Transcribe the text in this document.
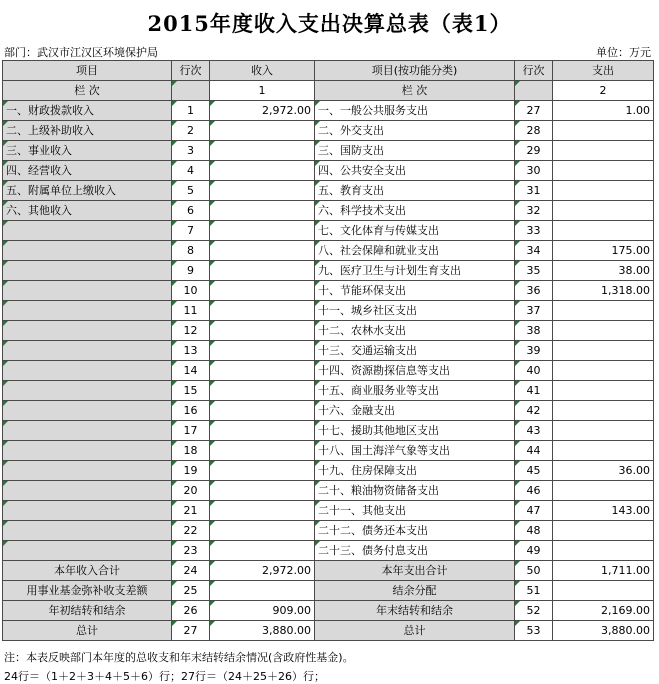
2015年度收入支出决算总表（表1）
部门：武汉市江汉区环境保护局	单位：万元
项目	行次	收入	项目(按功能分类)	行次	支出
栏 次		1	栏 次		2
一、财政拨款收入	1	2,972.00	一、一般公共服务支出	27	1.00
二、上级补助收入	2		二、外交支出	28	
三、事业收入	3		三、国防支出	29	
四、经营收入	4		四、公共安全支出	30	
五、附属单位上缴收入	5		五、教育支出	31	
六、其他收入	6		六、科学技术支出	32	
	7		七、文化体育与传媒支出	33	
	8		八、社会保障和就业支出	34	175.00
	9		九、医疗卫生与计划生育支出	35	38.00
	10		十、节能环保支出	36	1,318.00
	11		十一、城乡社区支出	37	
	12		十二、农林水支出	38	
	13		十三、交通运输支出	39	
	14		十四、资源勘探信息等支出	40	
	15		十五、商业服务业等支出	41	
	16		十六、金融支出	42	
	17		十七、援助其他地区支出	43	
	18		十八、国土海洋气象等支出	44	
	19		十九、住房保障支出	45	36.00
	20		二十、粮油物资储备支出	46	
	21		二十一、其他支出	47	143.00
	22		二十二、债务还本支出	48	
	23		二十三、债务付息支出	49	
本年收入合计	24	2,972.00	本年支出合计	50	1,711.00
用事业基金弥补收支差额	25		结余分配	51	
年初结转和结余	26	909.00	年末结转和结余	52	2,169.00
总计	27	3,880.00	总计	53	3,880.00
注：本表反映部门本年度的总收支和年末结转结余情况(含政府性基金)。
24行＝（1＋2＋3＋4＋5＋6）行；27行＝（24＋25＋26）行；
